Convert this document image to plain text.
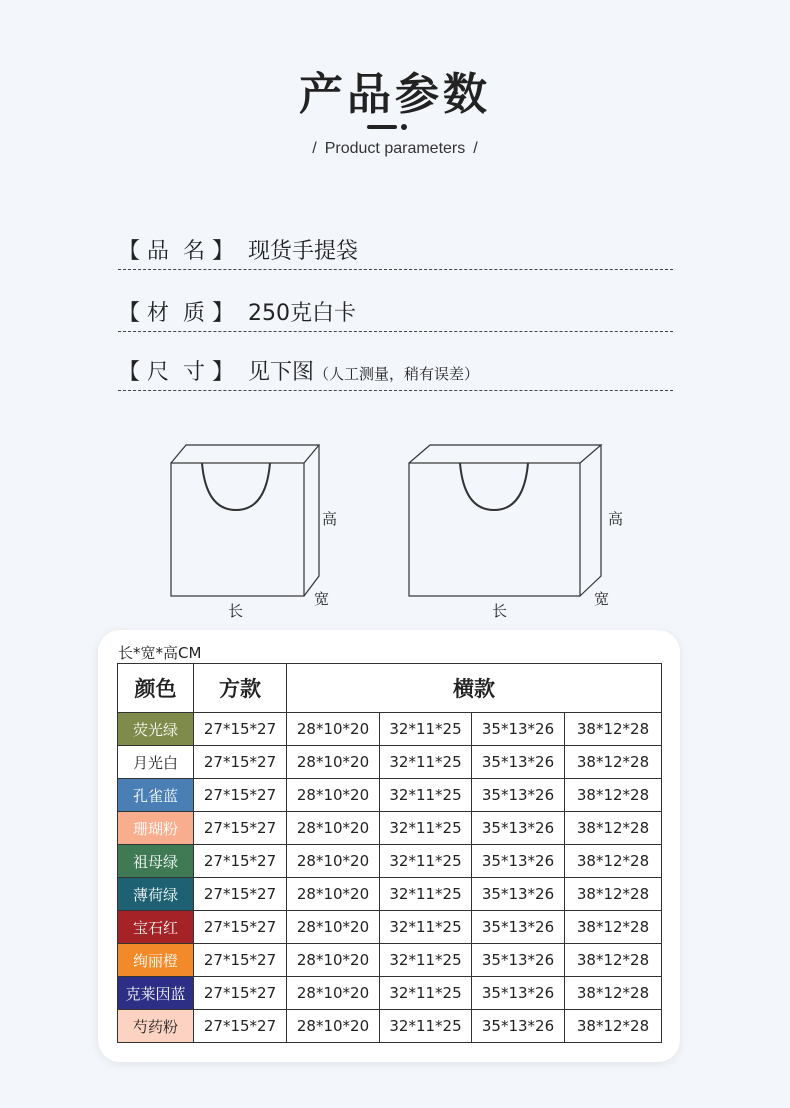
产品参数
/ Product parameters /
【 品  名 】 现货手提袋
【 材  质 】 250克白卡
【 尺  寸 】 见下图（人工测量，稍有误差）
高
长
宽
高
长
宽
长*宽*高CM
颜色	方款	横款			
荧光绿	27*15*27	28*10*20	32*11*25	35*13*26	38*12*28
月光白	27*15*27	28*10*20	32*11*25	35*13*26	38*12*28
孔雀蓝	27*15*27	28*10*20	32*11*25	35*13*26	38*12*28
珊瑚粉	27*15*27	28*10*20	32*11*25	35*13*26	38*12*28
祖母绿	27*15*27	28*10*20	32*11*25	35*13*26	38*12*28
薄荷绿	27*15*27	28*10*20	32*11*25	35*13*26	38*12*28
宝石红	27*15*27	28*10*20	32*11*25	35*13*26	38*12*28
绚丽橙	27*15*27	28*10*20	32*11*25	35*13*26	38*12*28
克莱因蓝	27*15*27	28*10*20	32*11*25	35*13*26	38*12*28
芍药粉	27*15*27	28*10*20	32*11*25	35*13*26	38*12*28
